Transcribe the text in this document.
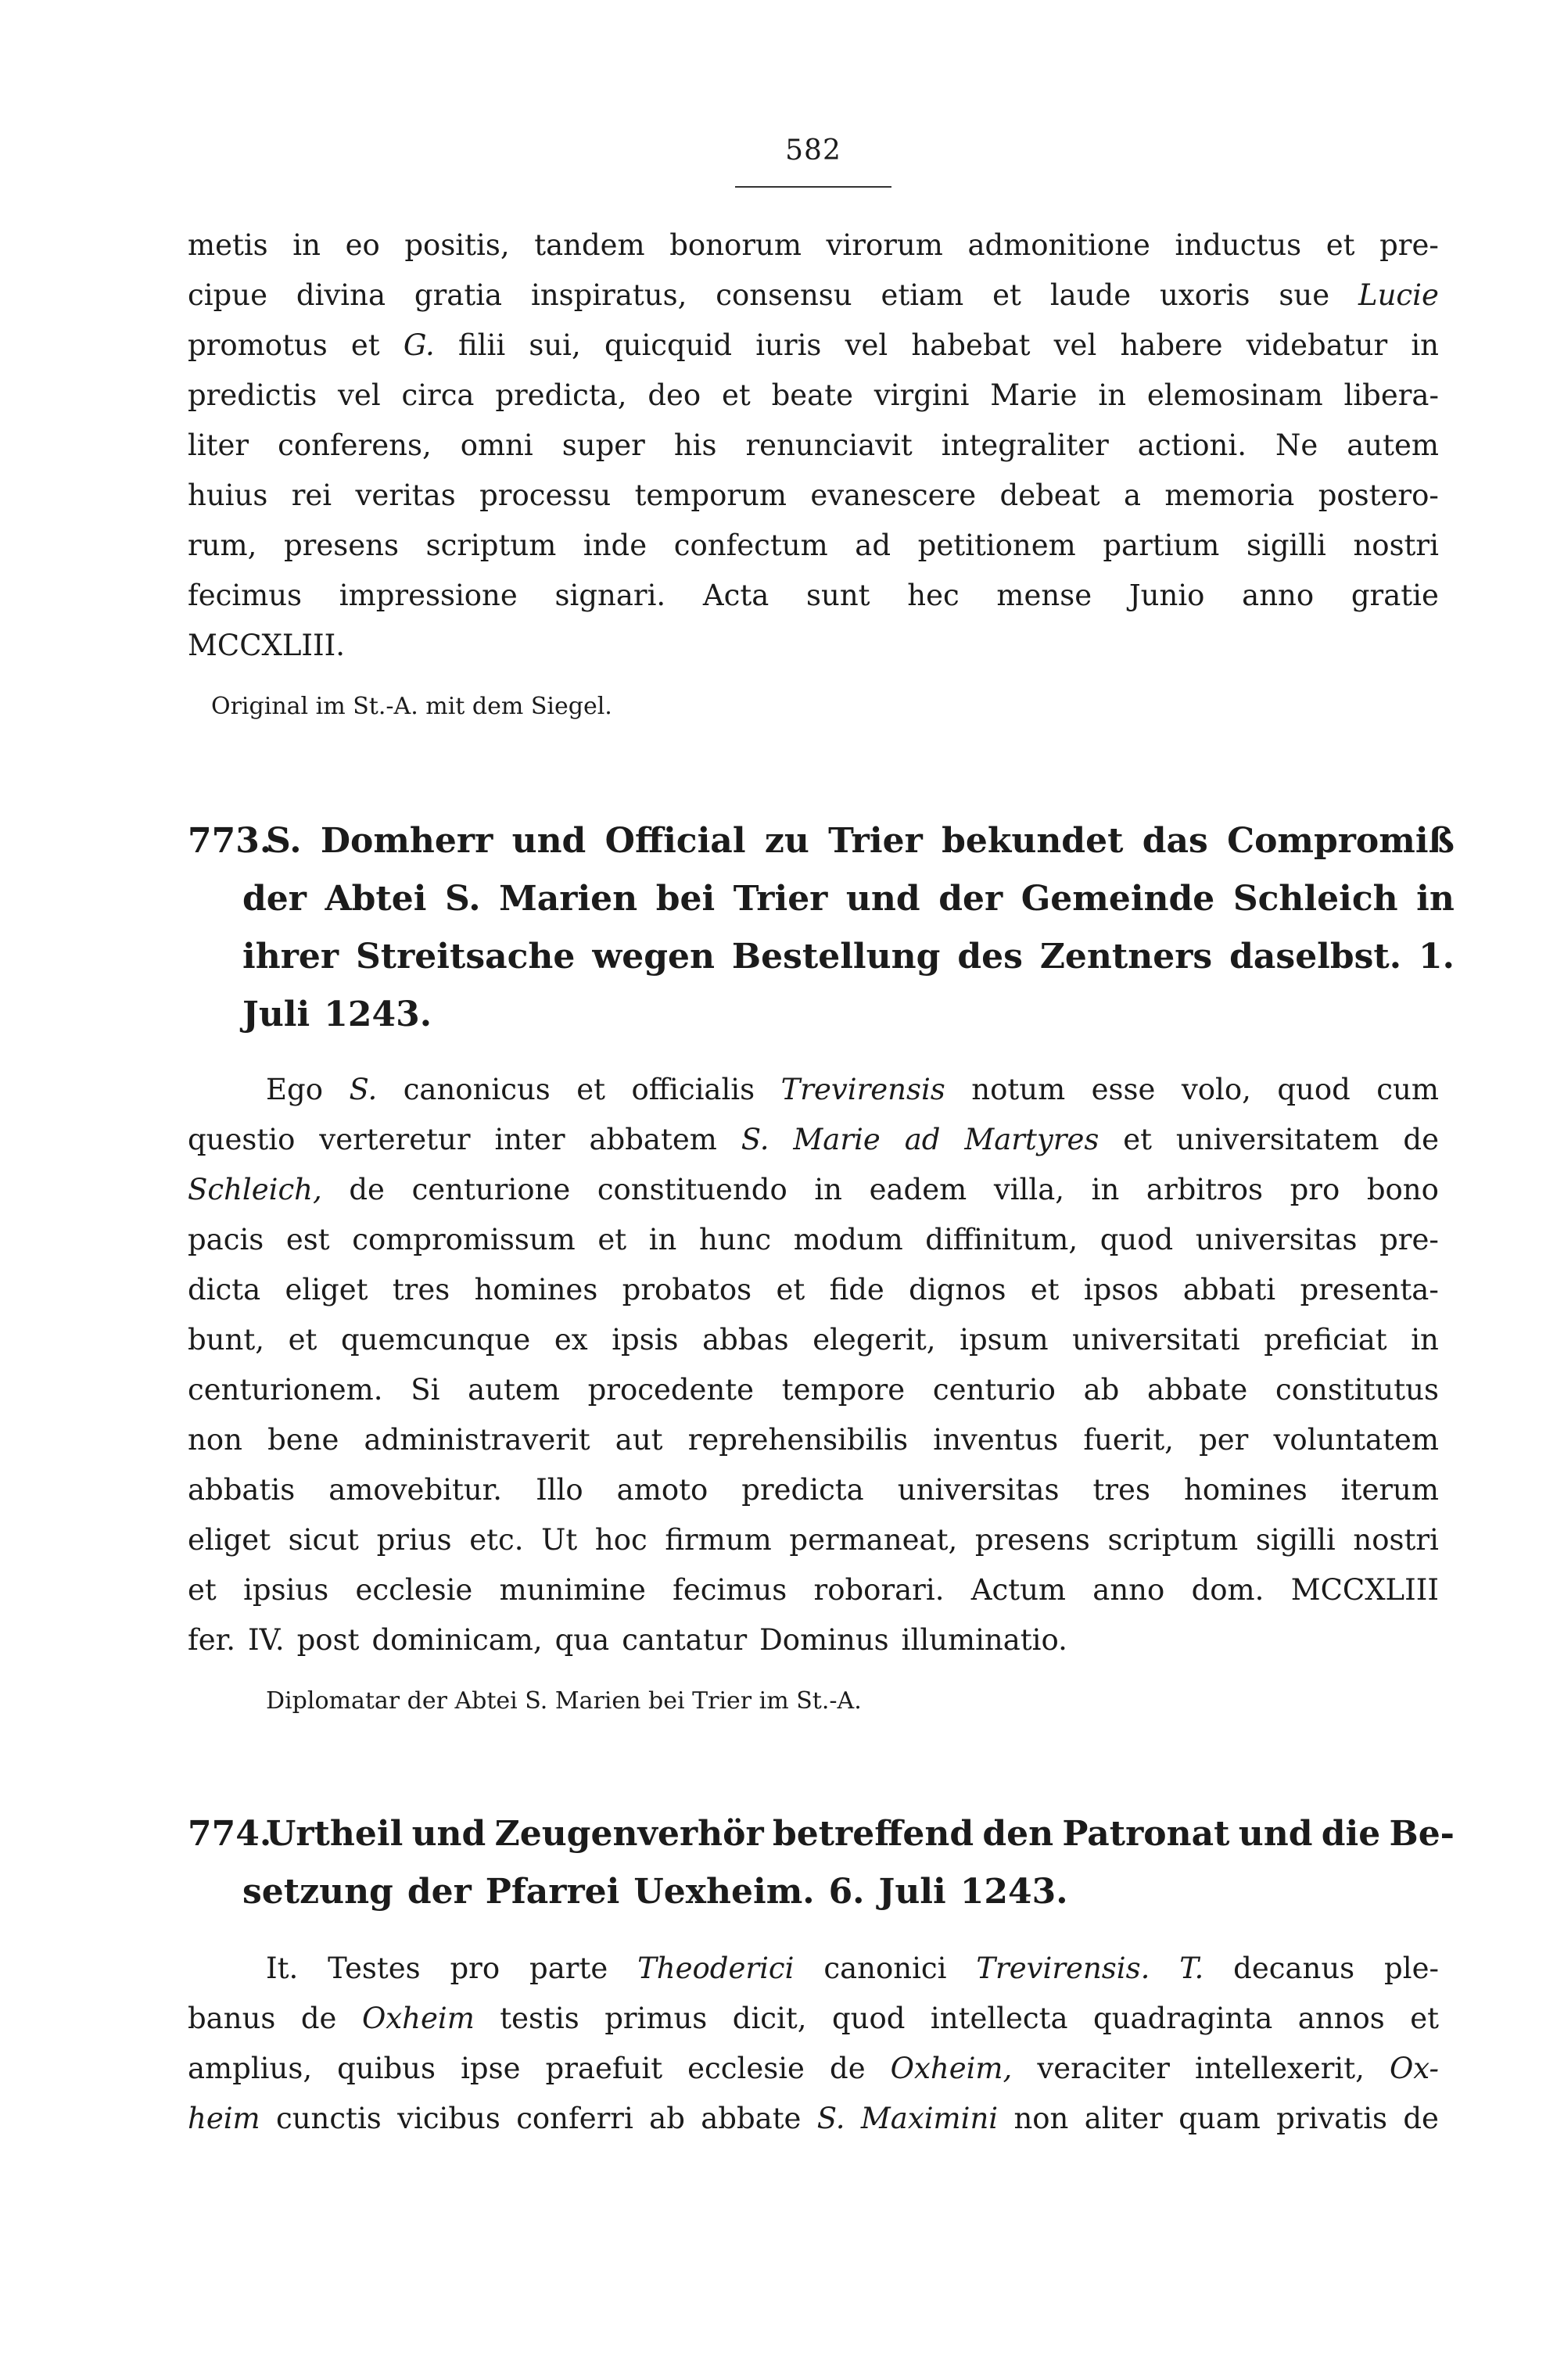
582
metis in eo positis, tandem bonorum virorum admonitione inductus et pre-
cipue divina gratia inspiratus, consensu etiam et laude uxoris sue Lucie
promotus et G. filii sui, quicquid iuris vel habebat vel habere videbatur in
predictis vel circa predicta, deo et beate virgini Marie in elemosinam libera-
liter conferens, omni super his renunciavit integraliter actioni. Ne autem
huius rei veritas processu temporum evanescere debeat a memoria postero-
rum, presens scriptum inde confectum ad petitionem partium sigilli nostri
fecimus impressione signari. Acta sunt hec mense Junio anno gratie
MCCXLIII.
Original im St.-A. mit dem Siegel.
773.
S. Domherr und Official zu Trier bekundet das Compromiß
der Abtei S. Marien bei Trier und der Gemeinde Schleich in
ihrer Streitsache wegen Bestellung des Zentners daselbst. 1.
Juli 1243.
Ego S. canonicus et officialis Trevirensis notum esse volo, quod cum
questio verteretur inter abbatem S. Marie ad Martyres et universitatem de
Schleich, de centurione constituendo in eadem villa, in arbitros pro bono
pacis est compromissum et in hunc modum diffinitum, quod universitas pre-
dicta eliget tres homines probatos et fide dignos et ipsos abbati presenta-
bunt, et quemcunque ex ipsis abbas elegerit, ipsum universitati preficiat in
centurionem. Si autem procedente tempore centurio ab abbate constitutus
non bene administraverit aut reprehensibilis inventus fuerit, per voluntatem
abbatis amovebitur. Illo amoto predicta universitas tres homines iterum
eliget sicut prius etc. Ut hoc firmum permaneat, presens scriptum sigilli nostri
et ipsius ecclesie munimine fecimus roborari. Actum anno dom. MCCXLIII
fer. IV. post dominicam, qua cantatur Dominus illuminatio.
Diplomatar der Abtei S. Marien bei Trier im St.-A.
774.
Urtheil und Zeugenverhör betreffend den Patronat und die Be-
setzung der Pfarrei Uexheim. 6. Juli 1243.
It. Testes pro parte Theoderici canonici Trevirensis. T. decanus ple-
banus de Oxheim testis primus dicit, quod intellecta quadraginta annos et
amplius, quibus ipse praefuit ecclesie de Oxheim, veraciter intellexerit, Ox-
heim cunctis vicibus conferri ab abbate S. Maximini non aliter quam privatis de
